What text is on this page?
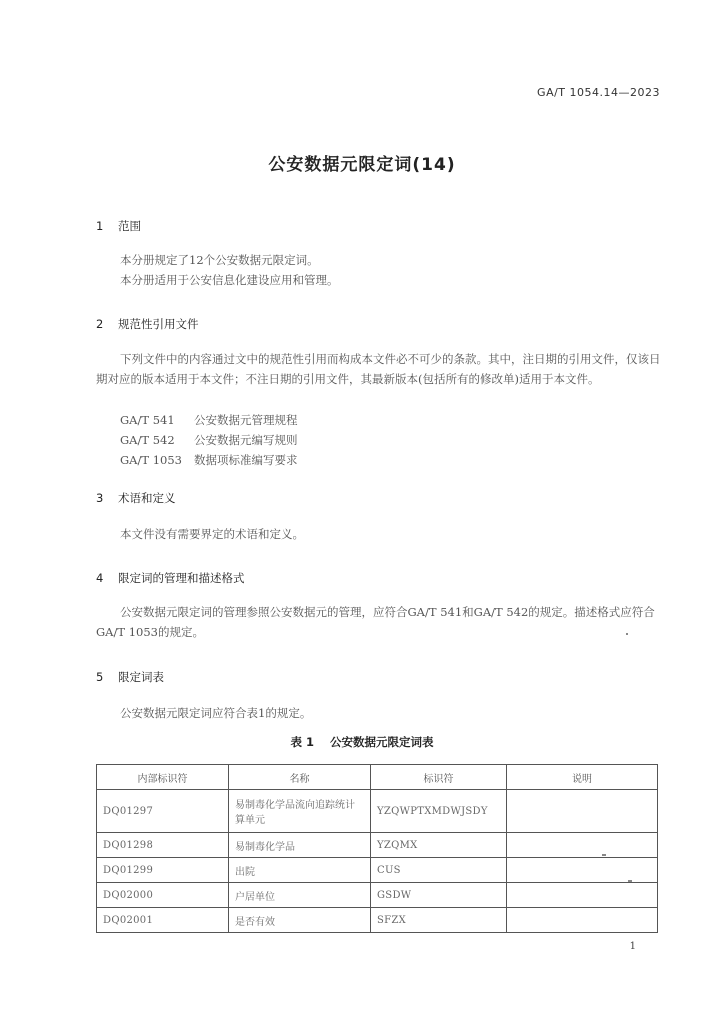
GA/T 1054.14—2023
公安数据元限定词(14)
1 范围
本分册规定了12个公安数据元限定词。
本分册适用于公安信息化建设应用和管理。
2 规范性引用文件
下列文件中的内容通过文中的规范性引用而构成本文件必不可少的条款。其中，注日期的引用文件，仅该日期对应的版本适用于本文件；不注日期的引用文件，其最新版本(包括所有的修改单)适用于本文件。
GA/T 541 公安数据元管理规程
GA/T 542 公安数据元编写规则
GA/T 1053 数据项标准编写要求
3 术语和定义
本文件没有需要界定的术语和定义。
4 限定词的管理和描述格式
公安数据元限定词的管理参照公安数据元的管理，应符合GA/T 541和GA/T 542的规定。描述格式应符合GA/T 1053的规定。
5 限定词表
公安数据元限定词应符合表1的规定。
表 1 公安数据元限定词表
内部标识符	名称	标识符	说明
DQ01297	易制毒化学品流向追踪统计算单元	YZQWPTXMDWJSDY	
DQ01298	易制毒化学品	YZQMX	
DQ01299	出院	CUS	
DQ02000	户居单位	GSDW	
DQ02001	是否有效	SFZX	
1
